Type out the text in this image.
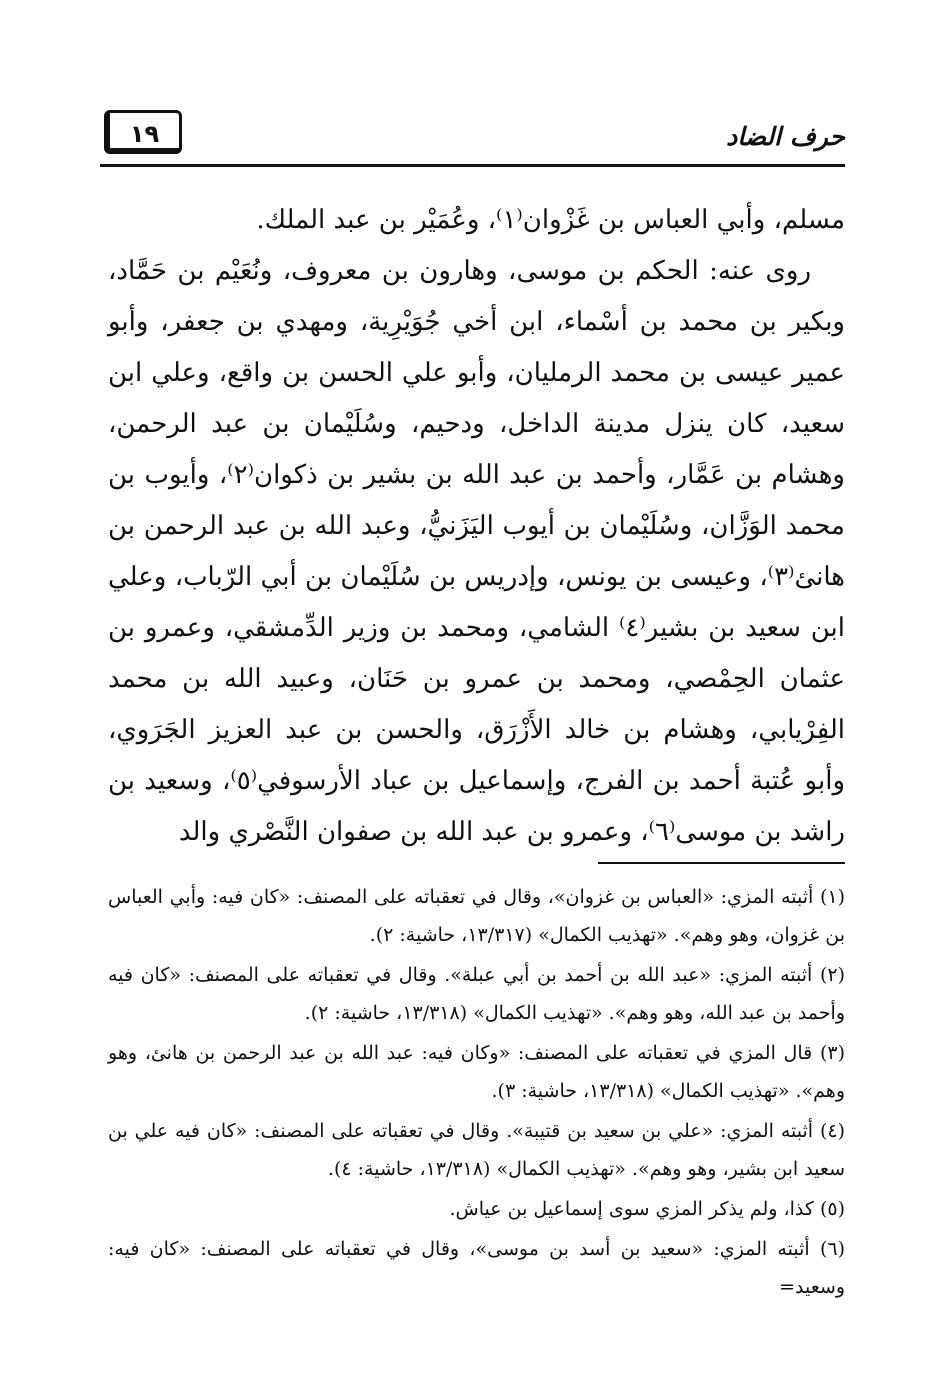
حرف الضاد
١٩

مسلم، وأبي العباس بن غَزْوان⁽١⁾، وعُمَيْر بن عبد الملك.

روى عنه: الحكم بن موسى، وهارون بن معروف، ونُعَيْم بن حَمَّاد، وبكير بن محمد بن أسْماء، ابن أخي جُوَيْرِية، ومهدي بن جعفر، وأبو عمير عيسى بن محمد الرمليان، وأبو علي الحسن بن واقع، وعلي ابن سعيد، كان ينزل مدينة الداخل، ودحيم، وسُلَيْمان بن عبد الرحمن، وهشام بن عَمَّار، وأحمد بن عبد الله بن بشير بن ذكوان⁽٢⁾، وأيوب بن محمد الوَزَّان، وسُلَيْمان بن أيوب اليَزَنيُّ، وعبد الله بن عبد الرحمن بن هانئ⁽٣⁾، وعيسى بن يونس، وإدريس بن سُلَيْمان بن أبي الرّباب، وعلي ابن سعيد بن بشير⁽٤⁾ الشامي، ومحمد بن وزير الدِّمشقي، وعمرو بن عثمان الحِمْصي، ومحمد بن عمرو بن حَنَان، وعبيد الله بن محمد الفِرْيابي، وهشام بن خالد الأَزْرَق، والحسن بن عبد العزيز الجَرَوي، وأبو عُتبة أحمد بن الفرج، وإسماعيل بن عباد الأرسوفي⁽٥⁾، وسعيد بن راشد بن موسى⁽٦⁾، وعمرو بن عبد الله بن صفوان النَّصْري والد

(١) أثبته المزي: «العباس بن غزوان»، وقال في تعقباته على المصنف: «كان فيه: وأبي العباس بن غزوان، وهو وهم». «تهذيب الكمال» (١٣/٣١٧، حاشية: ٢).

(٢) أثبته المزي: «عبد الله بن أحمد بن أبي عبلة». وقال في تعقباته على المصنف: «كان فيه وأحمد بن عبد الله، وهو وهم». «تهذيب الكمال» (١٣/٣١٨، حاشية: ٢).

(٣) قال المزي في تعقباته على المصنف: «وكان فيه: عبد الله بن عبد الرحمن بن هانئ، وهو وهم». «تهذيب الكمال» (١٣/٣١٨، حاشية: ٣).

(٤) أثبته المزي: «علي بن سعيد بن قتيبة». وقال في تعقباته على المصنف: «كان فيه علي بن سعيد ابن بشير، وهو وهم». «تهذيب الكمال» (١٣/٣١٨، حاشية: ٤).

(٥) كذا، ولم يذكر المزي سوى إسماعيل بن عياش.

(٦) أثبته المزي: «سعيد بن أسد بن موسى»، وقال في تعقباته على المصنف: «كان فيه: وسعيد=
